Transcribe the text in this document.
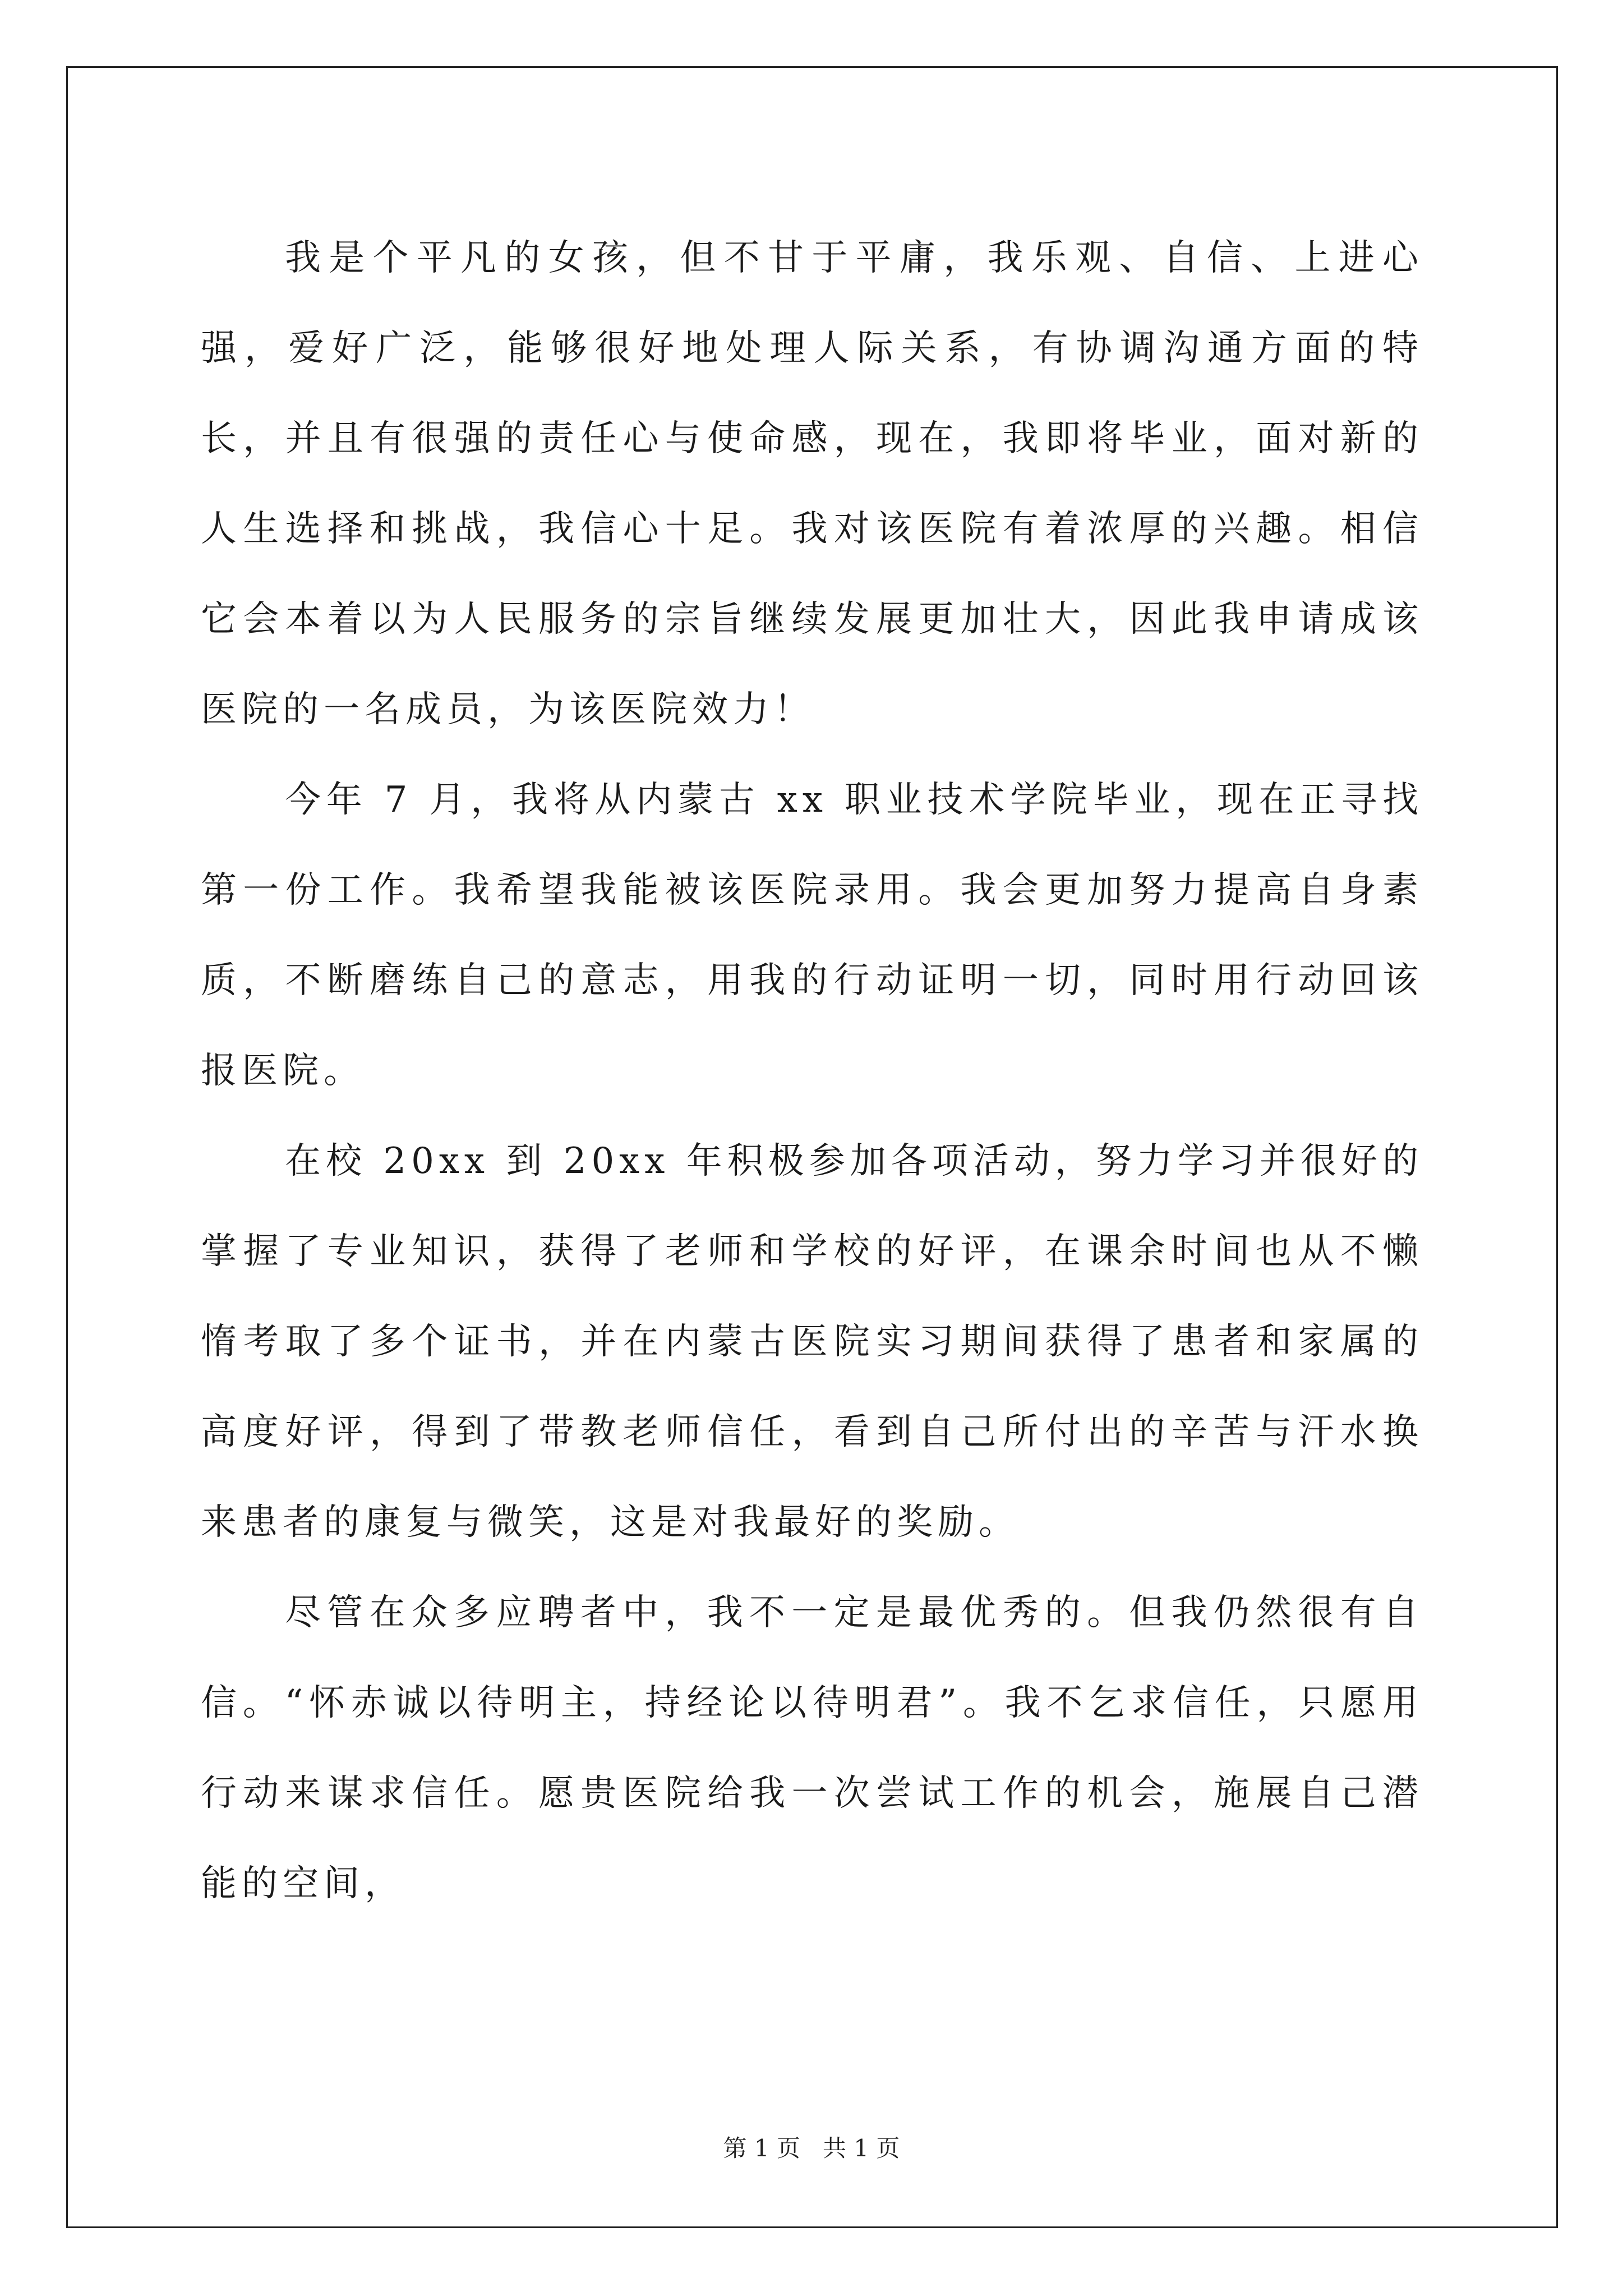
我是个平凡的女孩，但不甘于平庸，我乐观、自信、上进心强，爱好广泛，能够很好地处理人际关系，有协调沟通方面的特长，并且有很强的责任心与使命感，现在，我即将毕业，面对新的人生选择和挑战，我信心十足。我对该医院有着浓厚的兴趣。相信它会本着以为人民服务的宗旨继续发展更加壮大，因此我申请成该医院的一名成员，为该医院效力！

今年 7 月，我将从内蒙古 xx 职业技术学院毕业，现在正寻找第一份工作。我希望我能被该医院录用。我会更加努力提高自身素质，不断磨练自己的意志，用我的行动证明一切，同时用行动回该报医院。

在校 20xx 到 20xx 年积极参加各项活动，努力学习并很好的掌握了专业知识，获得了老师和学校的好评，在课余时间也从不懒惰考取了多个证书，并在内蒙古医院实习期间获得了患者和家属的高度好评，得到了带教老师信任，看到自己所付出的辛苦与汗水换来患者的康复与微笑，这是对我最好的奖励。

尽管在众多应聘者中，我不一定是最优秀的。但我仍然很有自信。“怀赤诚以待明主，持经论以待明君”。我不乞求信任，只愿用行动来谋求信任。愿贵医院给我一次尝试工作的机会，施展自己潜能的空间，

第 1 页 共 1 页
